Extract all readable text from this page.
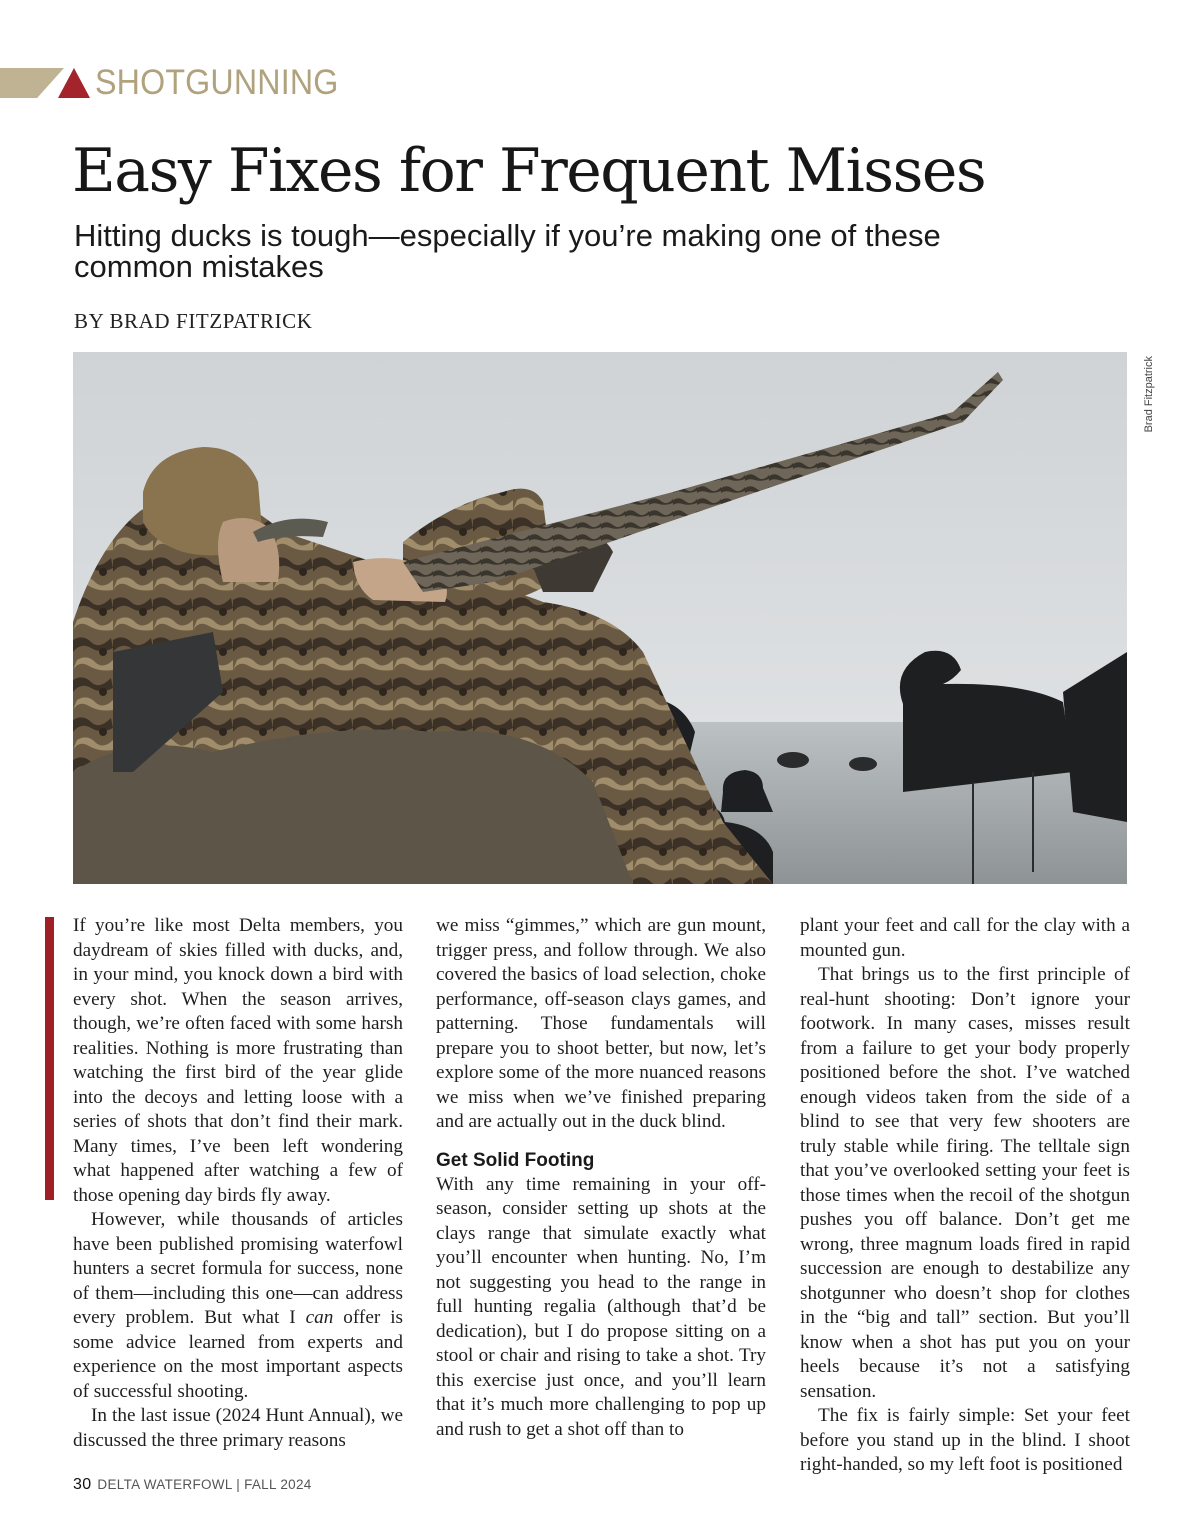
SHOTGUNNING
Easy Fixes for Frequent Misses

Hitting ducks is tough—especially if you’re making one of these common mistakes

BY BRAD FITZPATRICK
Brad Fitzpatrick

If you’re like most Delta members, you daydream of skies filled with ducks, and, in your mind, you knock down a bird with every shot. When the season arrives, though, we’re often faced with some harsh realities. Nothing is more frustrating than watching the first bird of the year glide into the decoys and letting loose with a series of shots that don’t find their mark. Many times, I’ve been left wondering what happened after watching a few of those opening day birds fly away.

However, while thousands of articles have been published promising waterfowl hunters a secret formula for success, none of them—including this one—can address every problem. But what I can offer is some advice learned from experts and experience on the most important aspects of successful shooting.

In the last issue (2024 Hunt Annual), we discussed the three primary reasons

we miss “gimmes,” which are gun mount, trigger press, and follow through. We also covered the basics of load selection, choke performance, off-season clays games, and patterning. Those fundamentals will prepare you to shoot better, but now, let’s explore some of the more nuanced reasons we miss when we’ve finished preparing and are actually out in the duck blind.

Get Solid Footing

With any time remaining in your off-season, consider setting up shots at the clays range that simulate exactly what you’ll encounter when hunting. No, I’m not suggesting you head to the range in full hunting regalia (although that’d be dedication), but I do propose sitting on a stool or chair and rising to take a shot. Try this exercise just once, and you’ll learn that it’s much more challenging to pop up and rush to get a shot off than to

plant your feet and call for the clay with a mounted gun.

That brings us to the first principle of real-hunt shooting: Don’t ignore your footwork. In many cases, misses result from a failure to get your body properly positioned before the shot. I’ve watched enough videos taken from the side of a blind to see that very few shooters are truly stable while firing. The telltale sign that you’ve overlooked setting your feet is those times when the recoil of the shotgun pushes you off balance. Don’t get me wrong, three magnum loads fired in rapid succession are enough to destabilize any shotgunner who doesn’t shop for clothes in the “big and tall” section. But you’ll know when a shot has put you on your heels because it’s not a satisfying sensation.

The fix is fairly simple: Set your feet before you stand up in the blind. I shoot right-handed, so my left foot is positioned

30 DELTA WATERFOWL | FALL 2024
